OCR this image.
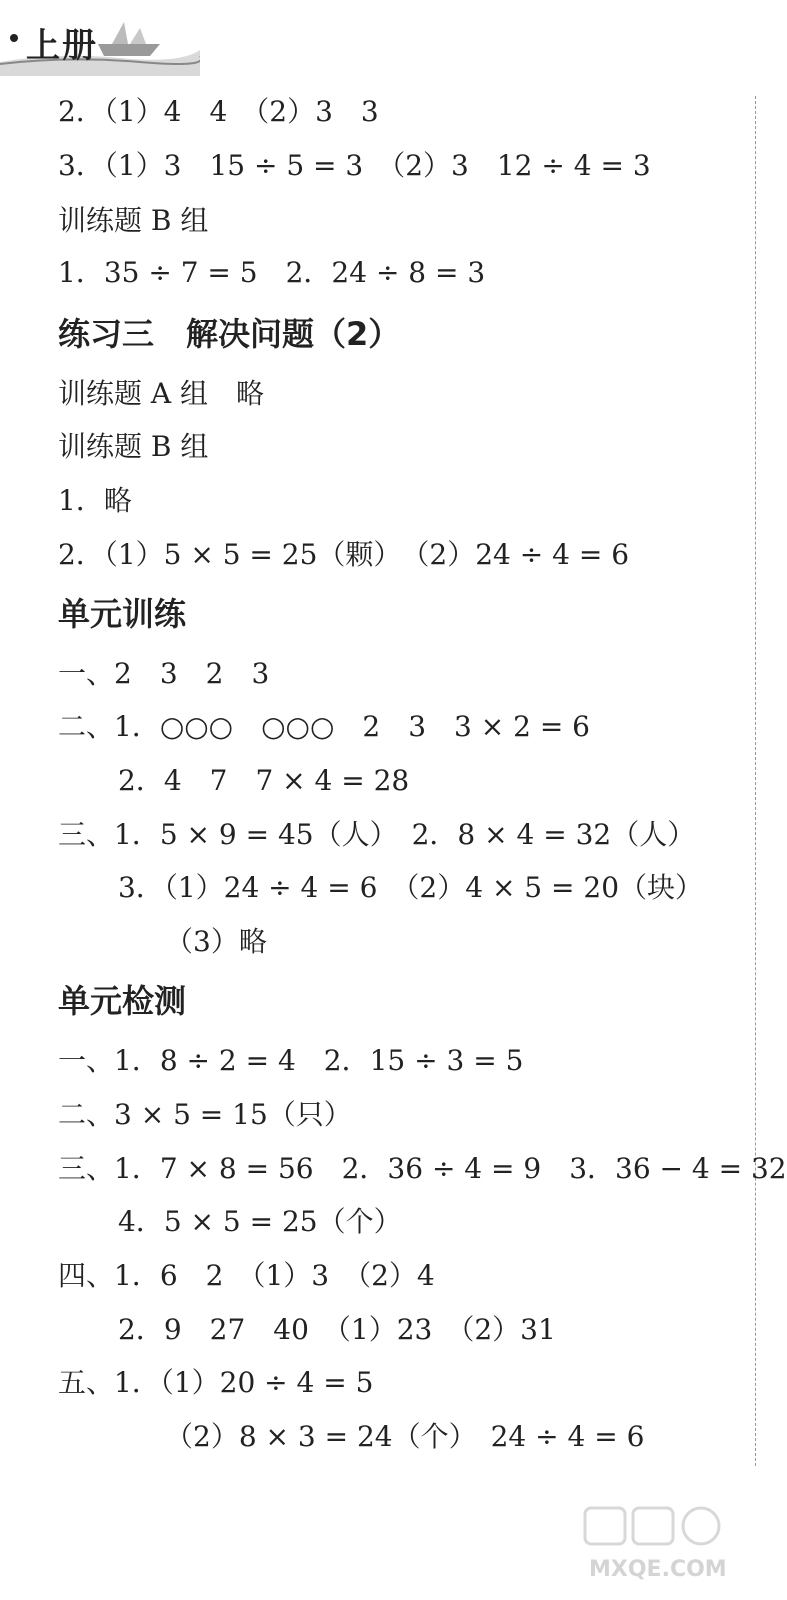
上册
2．（1）4　4　（2）3　3
3．（1）3　15 ÷ 5 = 3　（2）3　12 ÷ 4 = 3
训练题 B 组
1．35 ÷ 7 = 5　2．24 ÷ 8 = 3
练习三　解决问题（2）
训练题 A 组　略
训练题 B 组
1．略
2．（1）5 × 5 = 25（颗）　（2）24 ÷ 4 = 6
单元训练
一、2　3　2　3
二、1．○○○　○○○　2　3　3 × 2 = 6
2．4　7　7 × 4 = 28
三、1．5 × 9 = 45（人）　2．8 × 4 = 32（人）
3．（1）24 ÷ 4 = 6　（2）4 × 5 = 20（块）
（3）略
单元检测
一、1．8 ÷ 2 = 4　2．15 ÷ 3 = 5
二、3 × 5 = 15（只）
三、1．7 × 8 = 56　2．36 ÷ 4 = 9　3．36 − 4 = 32
4．5 × 5 = 25（个）
四、1．6　2　（1）3　（2）4
2．9　27　40　（1）23　（2）31
五、1．（1）20 ÷ 4 = 5
（2）8 × 3 = 24（个）　24 ÷ 4 = 6
MXQE.COM
